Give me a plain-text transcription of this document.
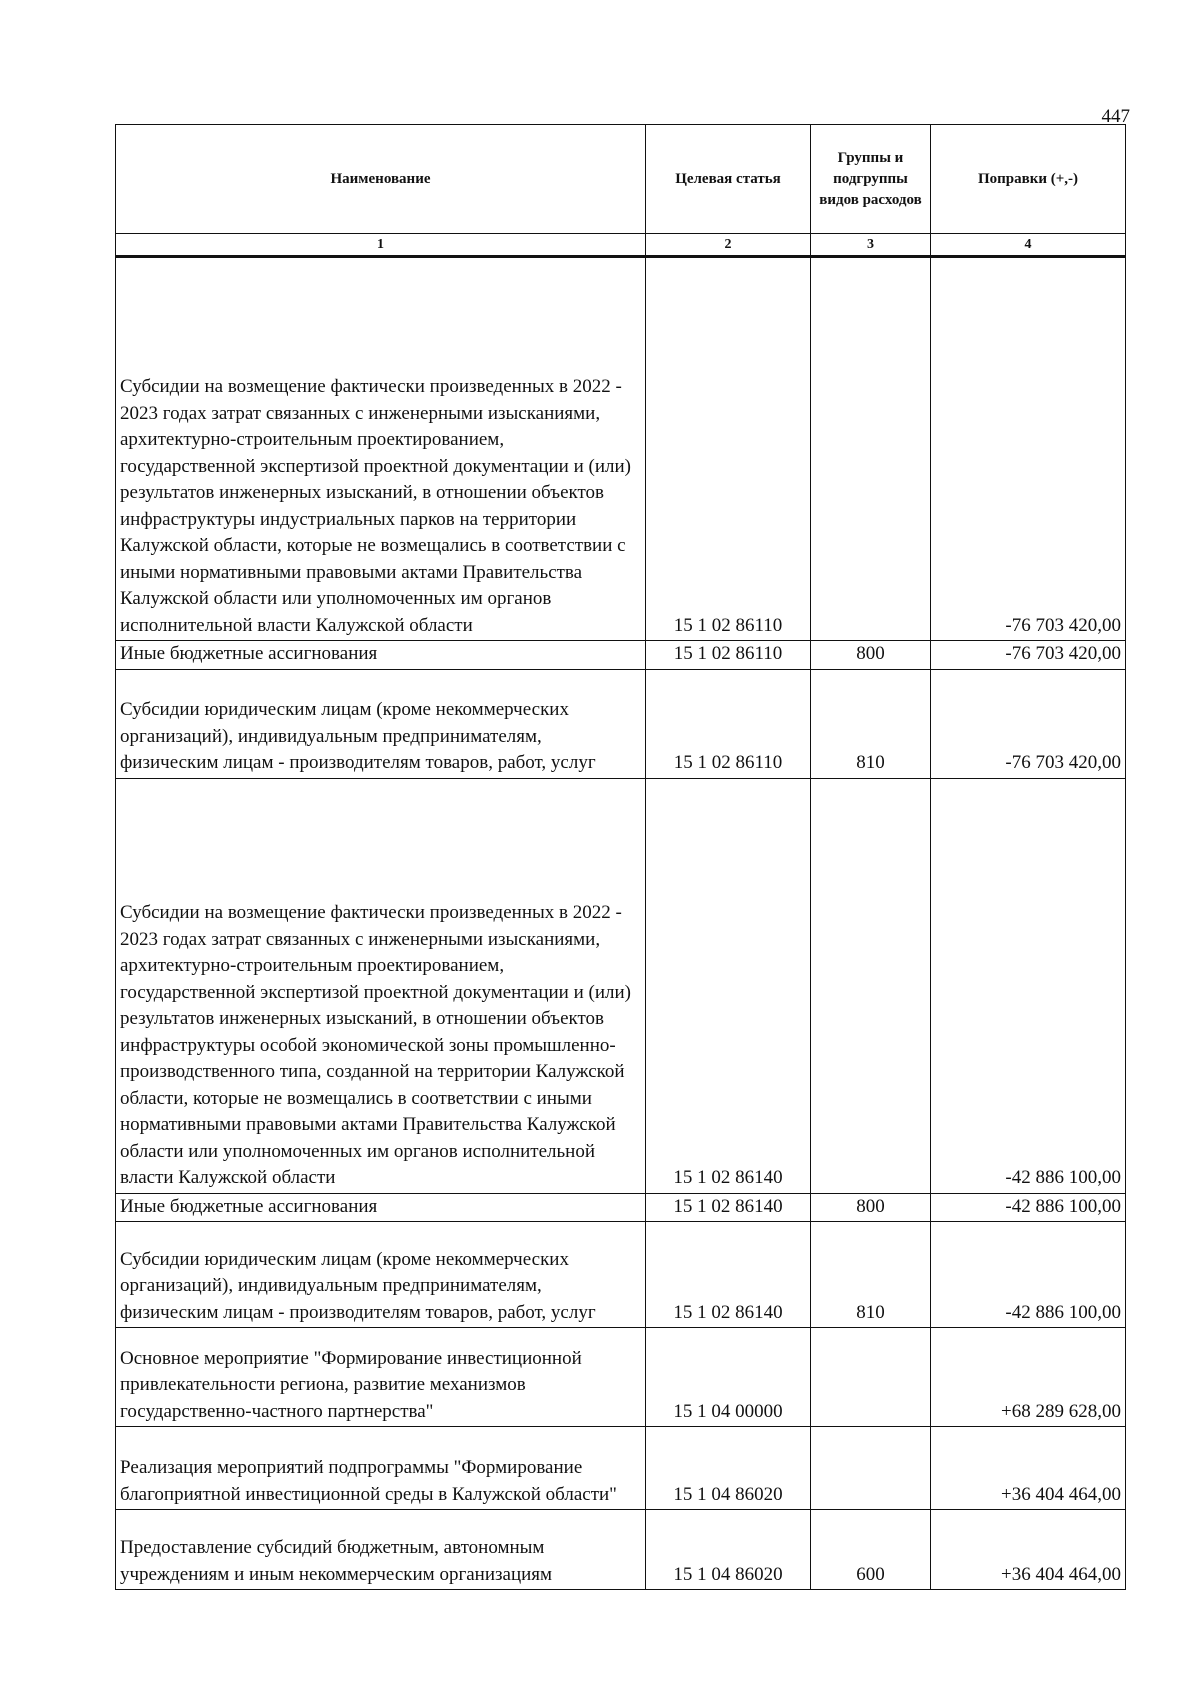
447
Наименование	Целевая статья	Группы и подгруппы видов расходов	Поправки (+,-)
1	2	3	4
Субсидии на возмещение фактически произведенных в 2022 - 2023 годах затрат связанных с инженерными изысканиями, архитектурно-строительным проектированием, государственной экспертизой проектной документации и (или) результатов инженерных изысканий, в отношении объектов инфраструктуры индустриальных парков на территории Калужской области, которые не возмещались в соответствии с иными нормативными правовыми актами Правительства Калужской области или уполномоченных им органов исполнительной власти Калужской области	15 1 02 86110		-76 703 420,00
Иные бюджетные ассигнования	15 1 02 86110	800	-76 703 420,00
Субсидии юридическим лицам (кроме некоммерческих организаций), индивидуальным предпринимателям, физическим лицам - производителям товаров, работ, услуг	15 1 02 86110	810	-76 703 420,00
Субсидии на возмещение фактически произведенных в 2022 - 2023 годах затрат связанных с инженерными изысканиями, архитектурно-строительным проектированием, государственной экспертизой проектной документации и (или) результатов инженерных изысканий, в отношении объектов инфраструктуры особой экономической зоны промышленно-производственного типа, созданной на территории Калужской области, которые не возмещались в соответствии с иными нормативными правовыми актами Правительства Калужской области или уполномоченных им органов исполнительной власти Калужской области	15 1 02 86140		-42 886 100,00
Иные бюджетные ассигнования	15 1 02 86140	800	-42 886 100,00
Субсидии юридическим лицам (кроме некоммерческих организаций), индивидуальным предпринимателям, физическим лицам - производителям товаров, работ, услуг	15 1 02 86140	810	-42 886 100,00
Основное мероприятие "Формирование инвестиционной привлекательности региона, развитие механизмов государственно-частного партнерства"	15 1 04 00000		+68 289 628,00
Реализация мероприятий подпрограммы "Формирование благоприятной инвестиционной среды в Калужской области"	15 1 04 86020		+36 404 464,00
Предоставление субсидий бюджетным, автономным учреждениям и иным некоммерческим организациям	15 1 04 86020	600	+36 404 464,00
